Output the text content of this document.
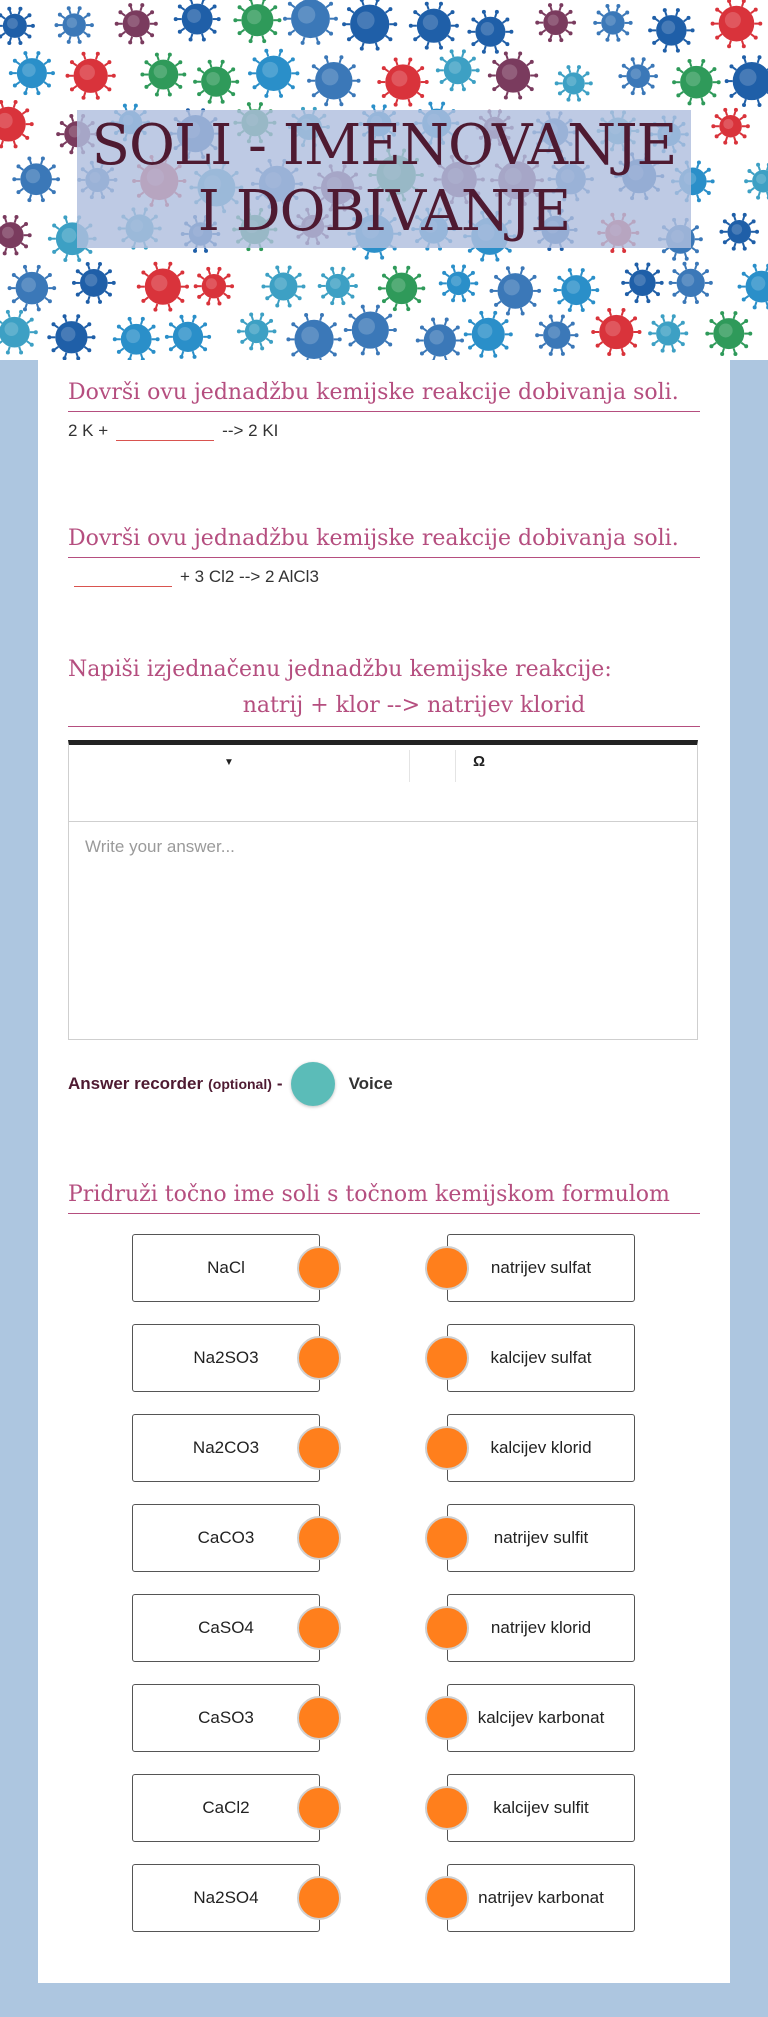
SOLI - IMENOVANJE I DOBIVANJE
Dovrši ovu jednadžbu kemijske reakcije dobivanja soli.
2 K +	--> 2 KI
Dovrši ovu jednadžbu kemijske reakcije dobivanja soli.
+ 3 Cl2 --> 2 AlCl3
Napiši izjednačenu jednadžbu kemijske reakcije:
natrij + klor --> natrijev klorid
▼	Ω
Write your answer...
Answer recorder (optional) -	Voice
Pridruži točno ime soli s točnom kemijskom formulom
NaCl	natrijev sulfat
Na2SO3	kalcijev sulfat
Na2CO3	kalcijev klorid
CaCO3	natrijev sulfit
CaSO4	natrijev klorid
CaSO3	kalcijev karbonat
CaCl2	kalcijev sulfit
Na2SO4	natrijev karbonat
